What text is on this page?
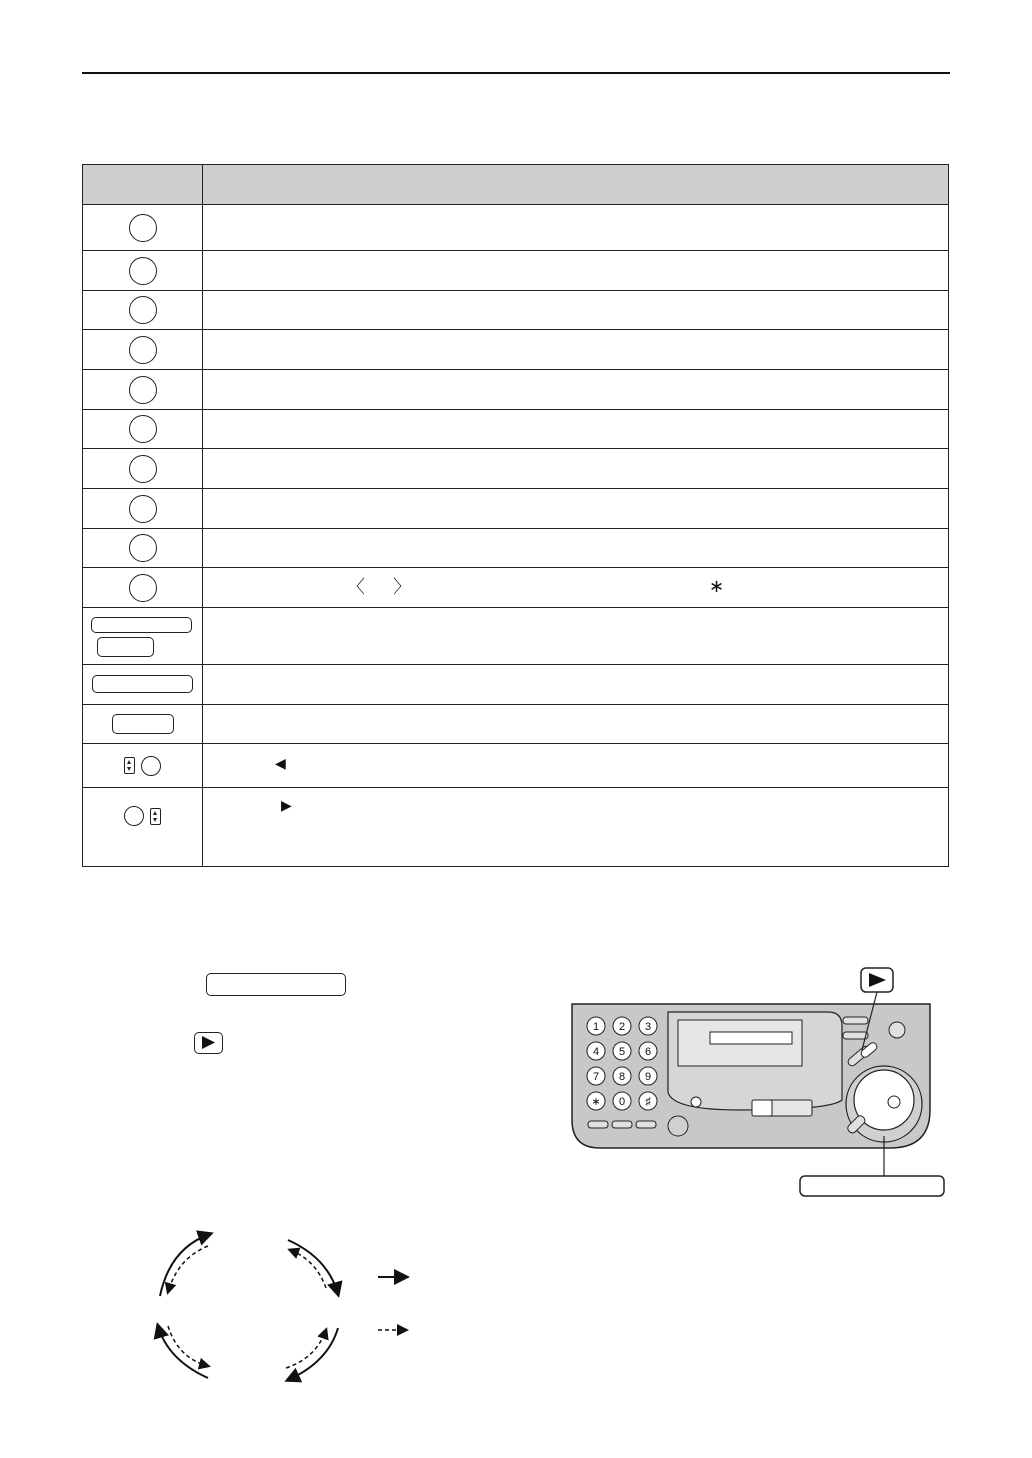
	〈 〉 ∗

	◀

	▶
1 2 3
4 5 6
7 8 9
∗ 0 ♯
